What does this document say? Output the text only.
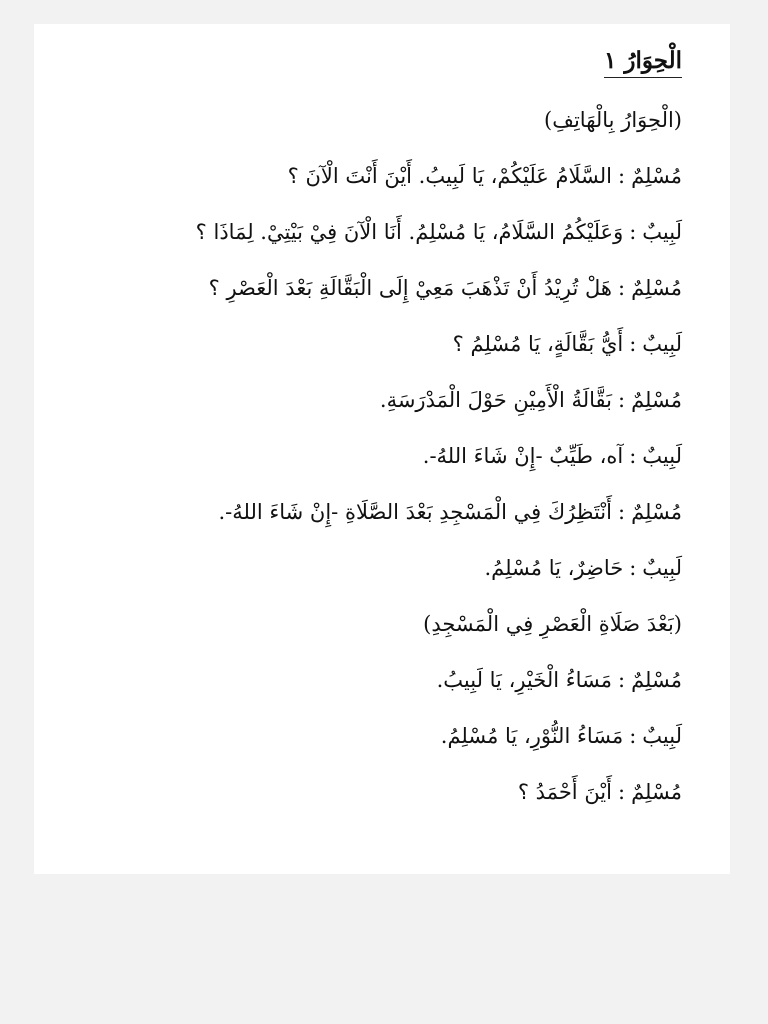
الْحِوَارُ ١
(الْحِوَارُ بِالْهَاتِفِ)
مُسْلِمٌ:السَّلَامُ عَلَيْكُمْ، يَا لَبِيبُ. أَيْنَ أَنْتَ الْآنَ ؟
لَبِيبٌ:وَعَلَيْكُمُ السَّلَامُ، يَا مُسْلِمُ. أَنَا الْآنَ فِيْ بَيْتِيْ. لِمَاذَا ؟
مُسْلِمٌ:هَلْ تُرِيْدُ أَنْ تَذْهَبَ مَعِيْ إِلَى الْبَقَّالَةِ بَعْدَ الْعَصْرِ ؟
لَبِيبٌ:أَيُّ بَقَّالَةٍ، يَا مُسْلِمُ ؟
مُسْلِمٌ:بَقَّالَةُ الْأَمِيْنِ حَوْلَ الْمَدْرَسَةِ.
لَبِيبٌ:آه، طَيِّبٌ -إِنْ شَاءَ اللهُ-.
مُسْلِمٌ:أَنْتَظِرُكَ فِي الْمَسْجِدِ بَعْدَ الصَّلَاةِ -إِنْ شَاءَ اللهُ-.
لَبِيبٌ:حَاضِرٌ، يَا مُسْلِمُ.
(بَعْدَ صَلَاةِ الْعَصْرِ فِي الْمَسْجِدِ)
مُسْلِمٌ:مَسَاءُ الْخَيْرِ، يَا لَبِيبُ.
لَبِيبٌ:مَسَاءُ النُّوْرِ، يَا مُسْلِمُ.
مُسْلِمٌ:أَيْنَ أَحْمَدُ ؟
